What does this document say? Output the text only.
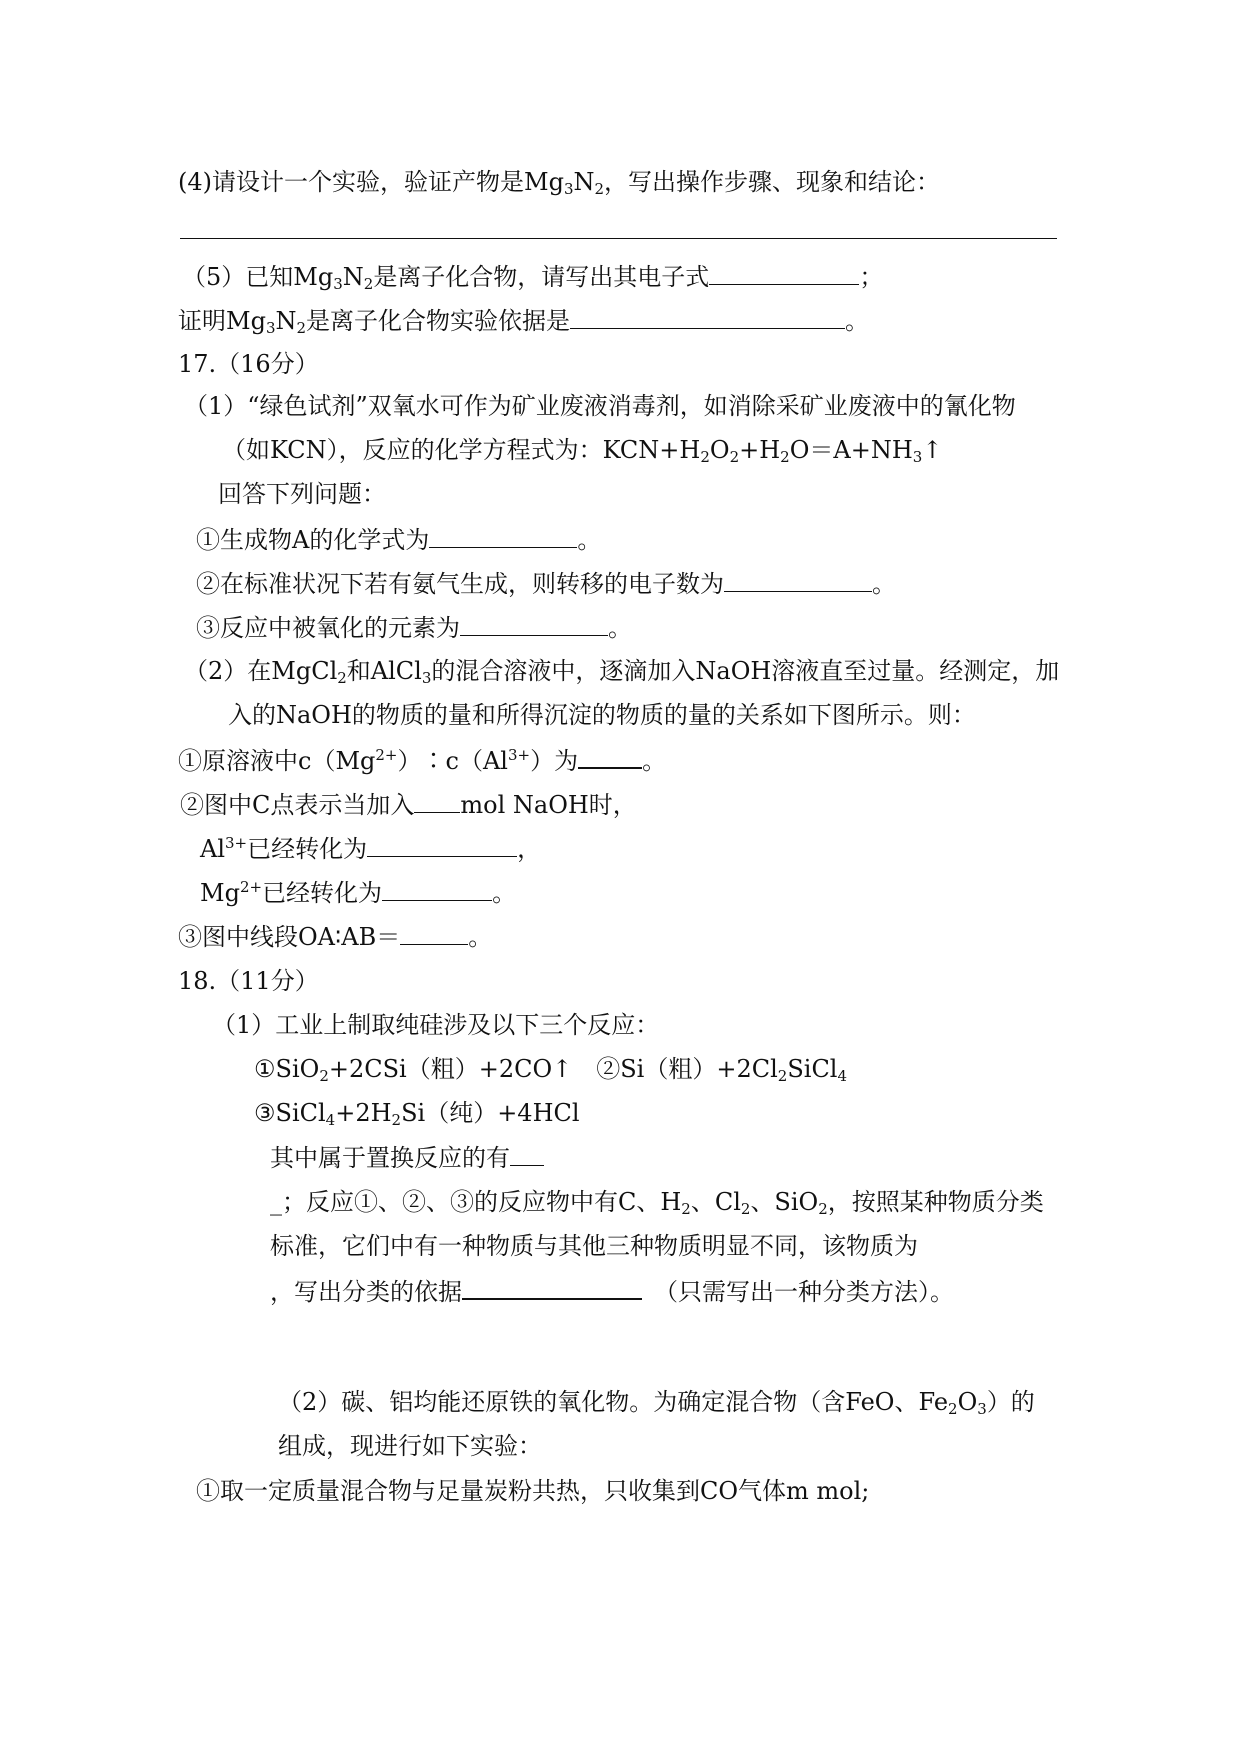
(4)请设计一个实验，验证产物是$Mg_3N_2$，写出操作步骤、现象和结论：
（5）已知$Mg_3N_2$是离子化合物，请写出其电子式	；
证明$Mg_3N_2$是离子化合物实验依据是	。
17.（16分）
（1）“绿色试剂”双氧水可作为矿业废液消毒剂，如消除采矿业废液中的氰化物
（如KCN），反应的化学方程式为：$KCN+H_2O_2+H_2O=A+NH_3↑$
回答下列问题：
①生成物A的化学式为	。
②在标准状况下若有氨气生成，则转移的电子数为	。
③反应中被氧化的元素为	。
（2）在MgCl$_2$和AlCl$_3$的混合溶液中，逐滴加入NaOH溶液直至过量。经测定，加
入的NaOH的物质的量和所得沉淀的物质的量的关系如下图所示。则：
①原溶液中$c(Mg^{2+})∶c(Al^{3+})$为	。
②图中C点表示当加入 mol NaOH时，
$Al^{3+}$已经转化为	，
$Mg^{2+}$已经转化为	。
③图中线段OA∶AB＝	。
18.（11分）
（1）工业上制取纯硅涉及以下三个反应：
①SiO$_2$+2CSi（粗）+2CO↑　②Si（粗）$+2Cl_2SiCl_4$
$③SiCl_4+2H_2Si$（纯）+4HCl
其中属于置换反应的有
_；反应①、②、③的反应物中有C、$H_2$、$Cl_2$、SiO$_2$，按照某种物质分类
标准，它们中有一种物质与其他三种物质明显不同，该物质为
，写出分类的依据　	（只需写出一种分类方法）。
（2）碳、铝均能还原铁的氧化物。为确定混合物（含FeO、$Fe_2O_3$）的
组成，现进行如下实验：
①取一定质量混合物与足量炭粉共热，只收集到CO气体m mol;
